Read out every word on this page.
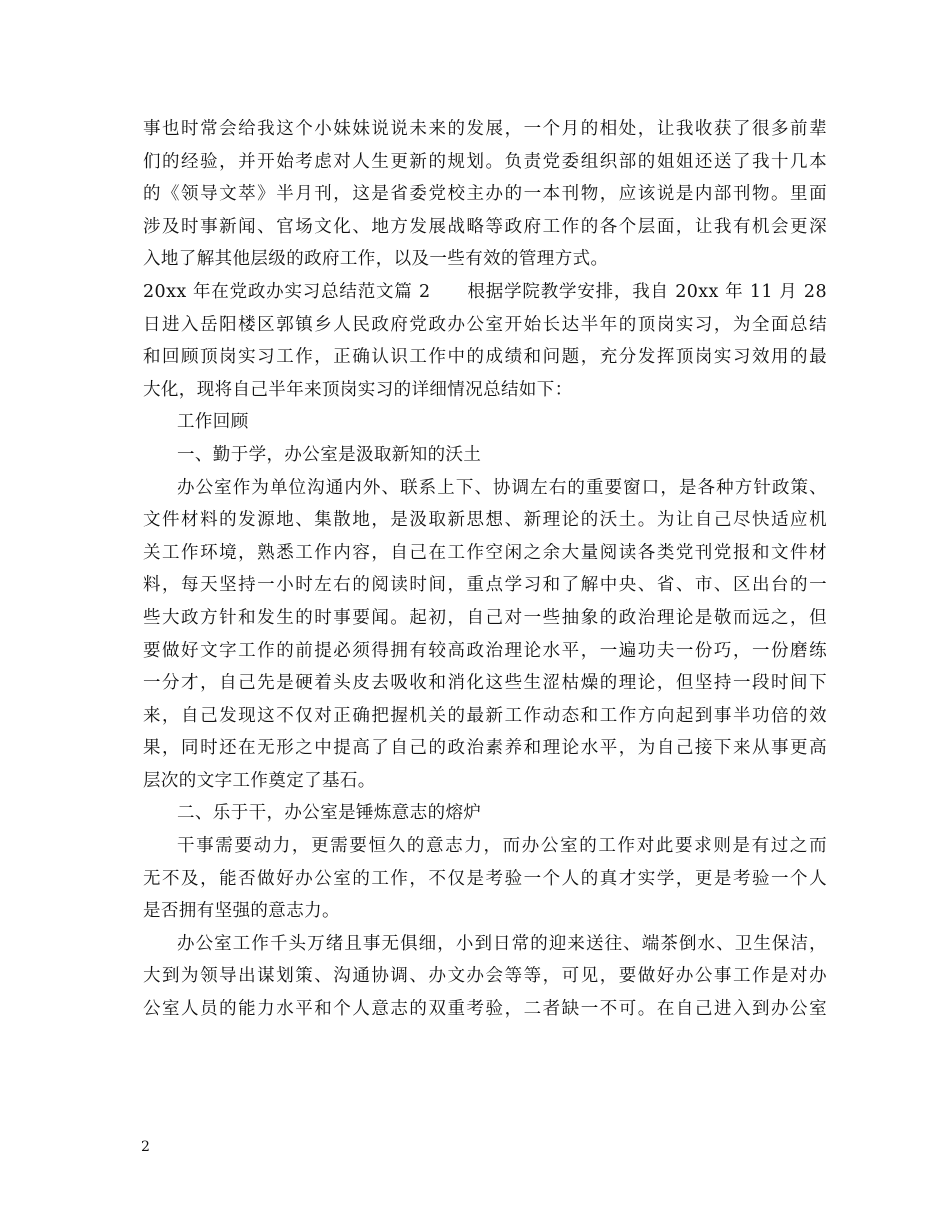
事也时常会给我这个小妹妹说说未来的发展，一个月的相处，让我收获了很多前辈
们的经验，并开始考虑对人生更新的规划。负责党委组织部的姐姐还送了我十几本
的《领导文萃》半月刊，这是省委党校主办的一本刊物，应该说是内部刊物。里面
涉及时事新闻、官场文化、地方发展战略等政府工作的各个层面，让我有机会更深
入地了解其他层级的政府工作，以及一些有效的管理方式。
20xx 年在党政办实习总结范文篇 2　　根据学院教学安排，我自 20xx 年 11 月 28
日进入岳阳楼区郭镇乡人民政府党政办公室开始长达半年的顶岗实习，为全面总结
和回顾顶岗实习工作，正确认识工作中的成绩和问题，充分发挥顶岗实习效用的最
大化，现将自己半年来顶岗实习的详细情况总结如下：
工作回顾
一、勤于学，办公室是汲取新知的沃土
办公室作为单位沟通内外、联系上下、协调左右的重要窗口，是各种方针政策、
文件材料的发源地、集散地，是汲取新思想、新理论的沃土。为让自己尽快适应机
关工作环境，熟悉工作内容，自己在工作空闲之余大量阅读各类党刊党报和文件材
料，每天坚持一小时左右的阅读时间，重点学习和了解中央、省、市、区出台的一
些大政方针和发生的时事要闻。起初，自己对一些抽象的政治理论是敬而远之，但
要做好文字工作的前提必须得拥有较高政治理论水平，一遍功夫一份巧，一份磨练
一分才，自己先是硬着头皮去吸收和消化这些生涩枯燥的理论，但坚持一段时间下
来，自己发现这不仅对正确把握机关的最新工作动态和工作方向起到事半功倍的效
果，同时还在无形之中提高了自己的政治素养和理论水平，为自己接下来从事更高
层次的文字工作奠定了基石。
二、乐于干，办公室是锤炼意志的熔炉
干事需要动力，更需要恒久的意志力，而办公室的工作对此要求则是有过之而
无不及，能否做好办公室的工作，不仅是考验一个人的真才实学，更是考验一个人
是否拥有坚强的意志力。
办公室工作千头万绪且事无俱细，小到日常的迎来送往、端茶倒水、卫生保洁，
大到为领导出谋划策、沟通协调、办文办会等等，可见，要做好办公事工作是对办
公室人员的能力水平和个人意志的双重考验，二者缺一不可。在自己进入到办公室
2
